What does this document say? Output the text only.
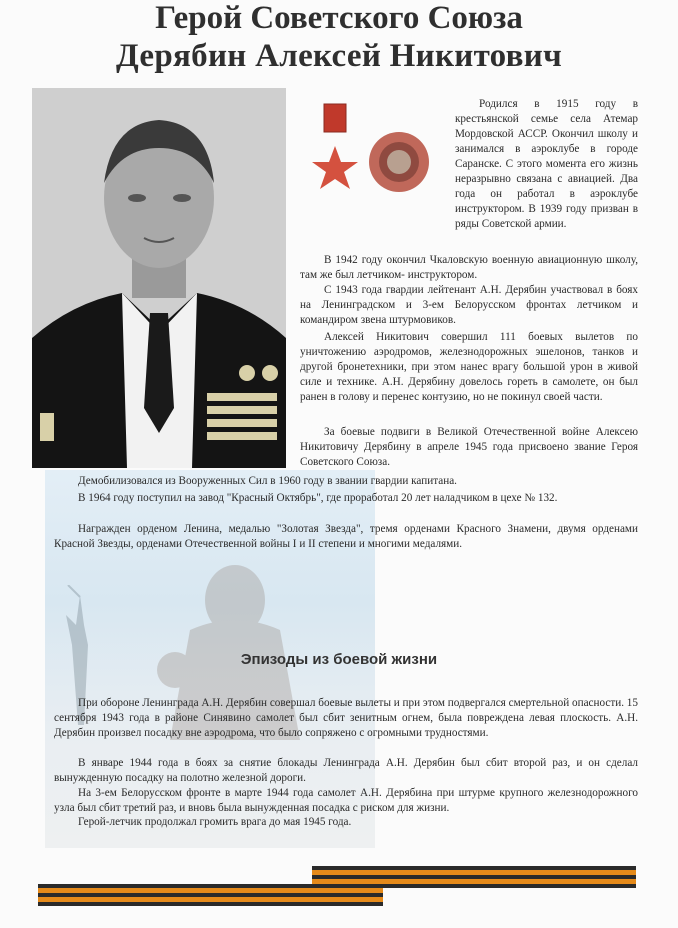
Герой Советского Союза
Дерябин Алексей Никитович

Родился в 1915 году в крестьянской семье села Атемар Мордовской АССР. Окончил школу и занимался в аэроклубе в городе Саранске. С этого момента его жизнь неразрывно связана с авиацией. Два года он работал в аэроклубе инструктором. В 1939 году призван в ряды Советской армии.

В 1942 году окончил Чкаловскую военную авиационную школу, там же был летчиком- инструктором.

С 1943 года гвардии лейтенант А.Н. Дерябин участвовал в боях на Ленинградском и 3-ем Белорусском фронтах летчиком и командиром звена штурмовиков.

Алексей Никитович совершил 111 боевых вылетов по уничтожению аэродромов, железнодорожных эшелонов, танков и другой бронетехники, при этом нанес врагу большой урон в живой силе и технике. А.Н. Дерябину довелось гореть в самолете, он был ранен в голову и перенес контузию, но не покинул своей части.

За боевые подвиги в Великой Отечественной войне Алексею Никитовичу Дерябину в апреле 1945 года присвоено звание Героя Советского Союза.

Демобилизовался из Вооруженных Сил в 1960 году в звании гвардии капитана.

В 1964 году поступил на завод "Красный Октябрь", где проработал 20 лет наладчиком в цехе № 132.

Награжден орденом Ленина, медалью "Золотая Звезда", тремя орденами Красного Знамени, двумя орденами Красной Звезды, орденами Отечественной войны I и II степени и многими медалями.

Эпизоды из боевой жизни

При обороне Ленинграда А.Н. Дерябин совершал боевые вылеты и при этом подвергался смертельной опасности. 15 сентября 1943 года в районе Синявино самолет был сбит зенитным огнем, была повреждена левая плоскость. А.Н. Дерябин произвел посадку вне аэродрома, что было сопряжено с огромными трудностями.

В январе 1944 года в боях за снятие блокады Ленинграда А.Н. Дерябин был сбит второй раз, и он сделал вынужденную посадку на полотно железной дороги.

На 3-ем Белорусском фронте в марте 1944 года самолет А.Н. Дерябина при штурме крупного железнодорожного узла был сбит третий раз, и вновь была вынужденная посадка с риском для жизни.

Герой-летчик продолжал громить врага до мая 1945 года.
